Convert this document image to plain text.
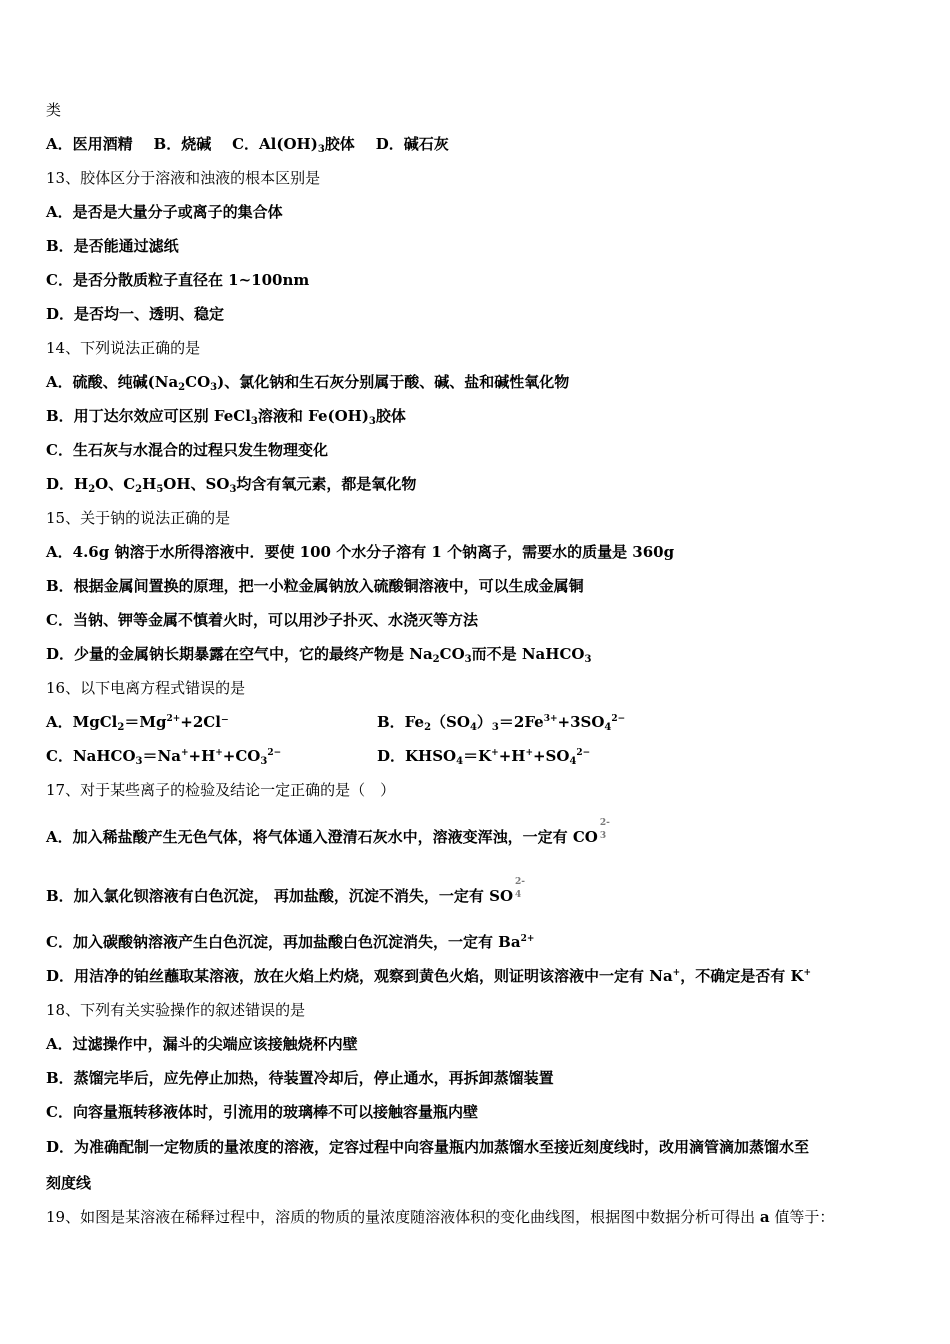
类
A．医用酒精 B．烧碱 C．$Al(OH)_3$胶体 D．碱石灰
13、胶体区分于溶液和浊液的根本区别是
A．是否是大量分子或离子的集合体
B．是否能通过滤纸
C．是否分散质粒子直径在 1~100nm
D．是否均一、透明、稳定
14、下列说法正确的是
A．硫酸、纯碱$(Na_2CO_3)$、氯化钠和生石灰分别属于酸、碱、盐和碱性氧化物
B．用丁达尔效应可区别 FeCl$_3$溶液和 $Fe(OH)_3$胶体
C．生石灰与水混合的过程只发生物理变化
D．$H_2O$、$C_2H_5OH$、$SO_3$均含有氧元素，都是氧化物
15、关于钠的说法正确的是
A．4.6g 钠溶于水所得溶液中．要使 100 个水分子溶有 1 个钠离子，需要水的质量是 360g
B．根据金属间置换的原理，把一小粒金属钠放入硫酸铜溶液中，可以生成金属铜
C．当钠、钾等金属不慎着火时，可以用沙子扑灭、水浇灭等方法
D．少量的金属钠长期暴露在空气中，它的最终产物是 $Na_2CO_3$而不是 NaHCO$_3$
16、以下电离方程式错误的是
A．$MgCl_2=Mg^{2+}+2Cl^-$	B．$Fe_2(SO_4)_3=2Fe^{3+}+3SO_4^{2-}$
C．$NaHCO_3=Na^++H^++CO_3^{2-}$	D．$KHSO_4=K^++H^++SO_4^{2-}$
17、对于某些离子的检验及结论一定正确的是（　）
A．加入稀盐酸产生无色气体，将气体通入澄清石灰水中，溶液变浑浊，一定有 CO
2-
3
B．加入氯化钡溶液有白色沉淀， 再加盐酸，沉淀不消失，一定有 SO
2-
4
C．加入碳酸钠溶液产生白色沉淀，再加盐酸白色沉淀消失，一定有 $Ba^{2+}$
D．用洁净的铂丝蘸取某溶液，放在火焰上灼烧，观察到黄色火焰，则证明该溶液中一定有 Na+，不确定是否有 K+
18、下列有关实验操作的叙述错误的是
A．过滤操作中，漏斗的尖端应该接触烧杯内壁
B．蒸馏完毕后，应先停止加热，待装置冷却后，停止通水，再拆卸蒸馏装置
C．向容量瓶转移液体时，引流用的玻璃棒不可以接触容量瓶内壁
D．为准确配制一定物质的量浓度的溶液，定容过程中向容量瓶内加蒸馏水至接近刻度线时，改用滴管滴加蒸馏水至
刻度线
19、如图是某溶液在稀释过程中，溶质的物质的量浓度随溶液体积的变化曲线图，根据图中数据分析可得出 a 值等于：
